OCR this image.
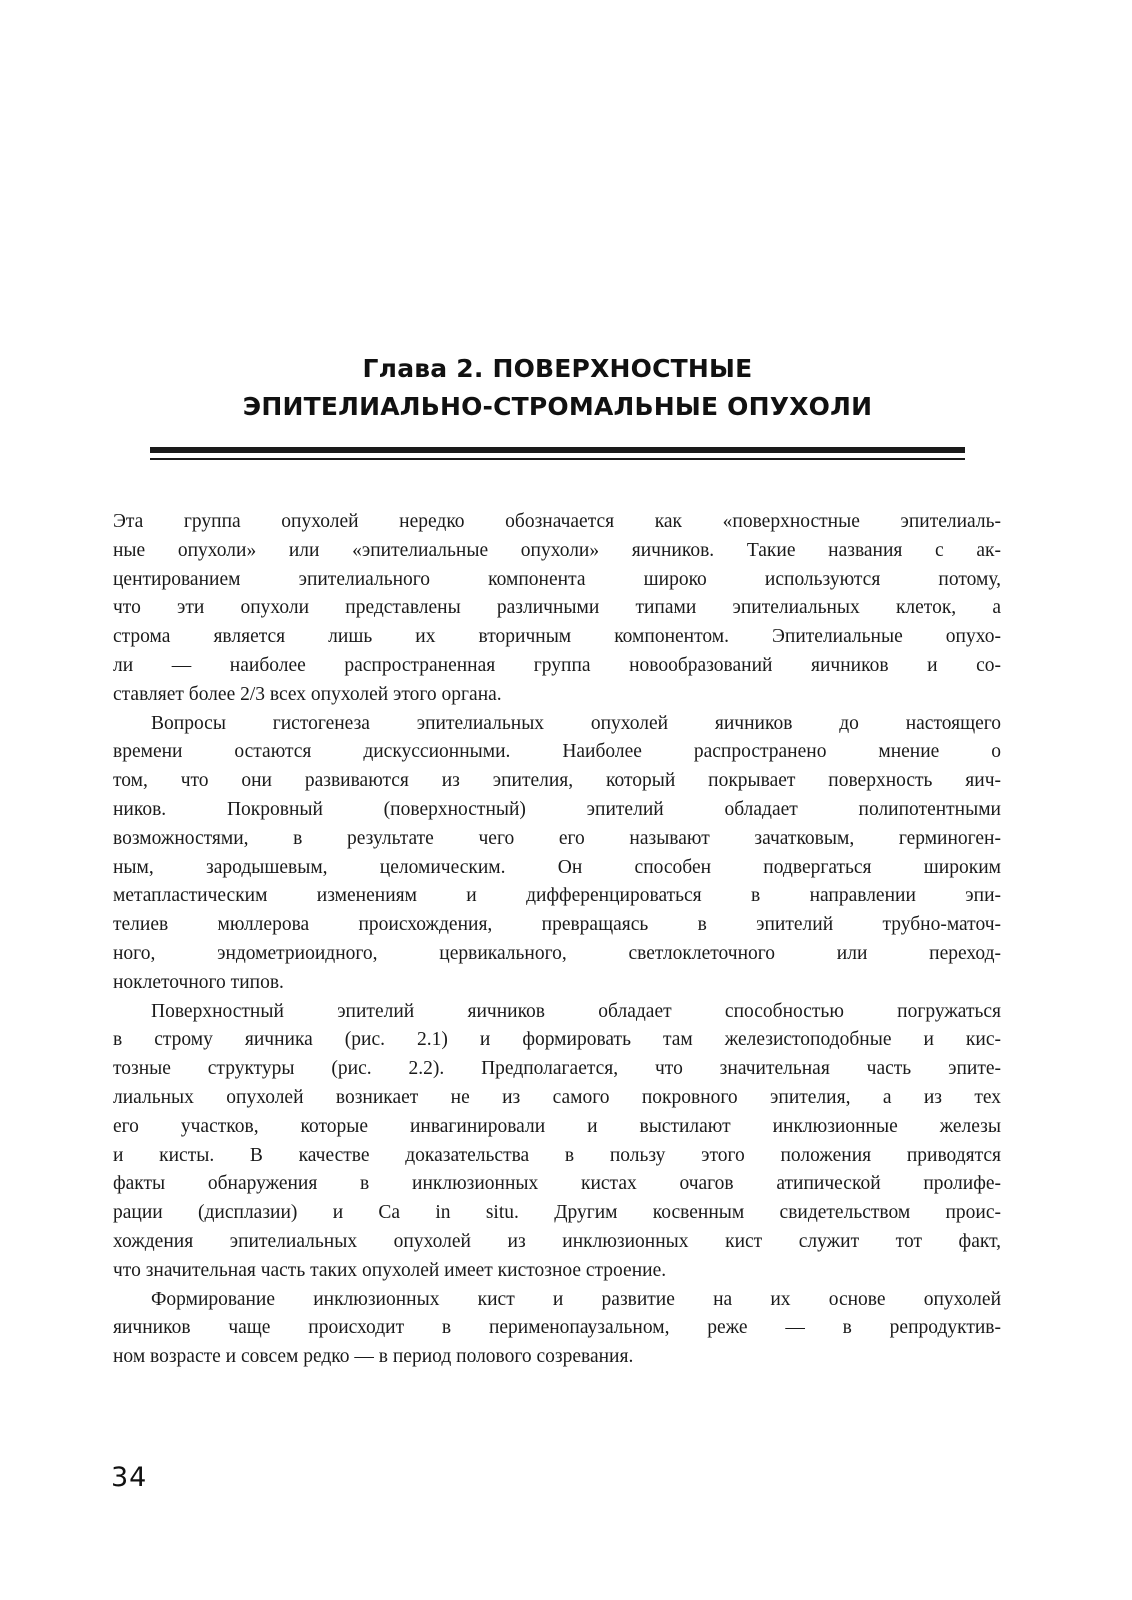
Глава 2. ПОВЕРХНОСТНЫЕ
ЭПИТЕЛИАЛЬНО-СТРОМАЛЬНЫЕ ОПУХОЛИ

Эта группа опухолей нередко обозначается как «поверхностные эпителиаль-
ные опухоли» или «эпителиальные опухоли» яичников. Такие названия с ак-
центированием эпителиального компонента широко используются потому,
что эти опухоли представлены различными типами эпителиальных клеток, а
строма является лишь их вторичным компонентом. Эпителиальные опухо-
ли — наиболее распространенная группа новообразований яичников и со-
ставляет более 2/3 всех опухолей этого органа.

Вопросы гистогенеза эпителиальных опухолей яичников до настоящего
времени остаются дискуссионными. Наиболее распространено мнение о
том, что они развиваются из эпителия, который покрывает поверхность яич-
ников. Покровный (поверхностный) эпителий обладает полипотентными
возможностями, в результате чего его называют зачатковым, герминоген-
ным, зародышевым, целомическим. Он способен подвергаться широким
метапластическим изменениям и дифференцироваться в направлении эпи-
телиев мюллерова происхождения, превращаясь в эпителий трубно-маточ-
ного, эндометриоидного, цервикального, светлоклеточного или переход-
ноклеточного типов.

Поверхностный эпителий яичников обладает способностью погружаться
в строму яичника (рис. 2.1) и формировать там железистоподобные и кис-
тозные структуры (рис. 2.2). Предполагается, что значительная часть эпите-
лиальных опухолей возникает не из самого покровного эпителия, а из тех
его участков, которые инвагинировали и выстилают инклюзионные железы
и кисты. В качестве доказательства в пользу этого положения приводятся
факты обнаружения в инклюзионных кистах очагов атипической пролифе-
рации (дисплазии) и Ca in situ. Другим косвенным свидетельством проис-
хождения эпителиальных опухолей из инклюзионных кист служит тот факт,
что значительная часть таких опухолей имеет кистозное строение.

Формирование инклюзионных кист и развитие на их основе опухолей
яичников чаще происходит в перименопаузальном, реже — в репродуктив-
ном возрасте и совсем редко — в период полового созревания.

34
